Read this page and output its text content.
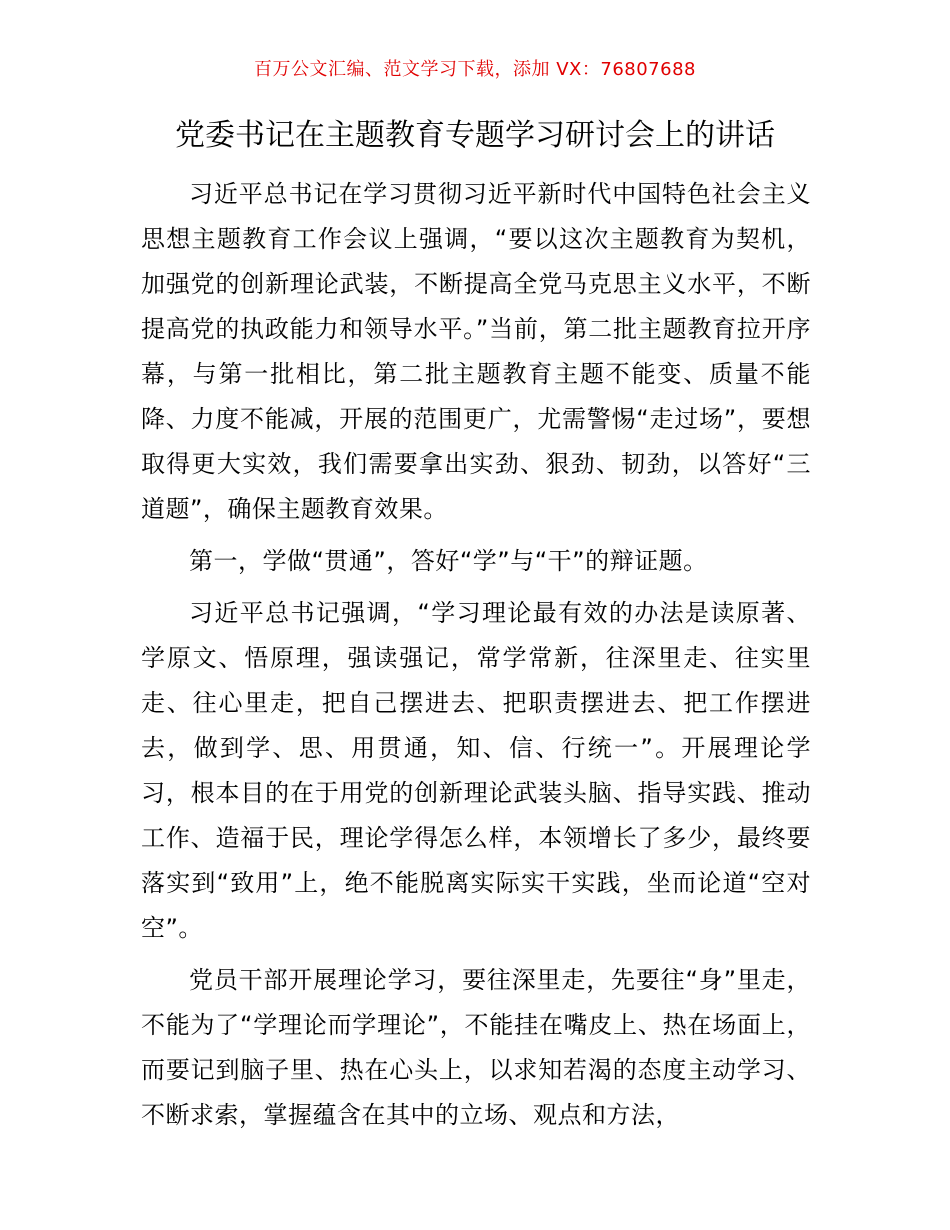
百万公文汇编、范文学习下载，添加 VX：76807688
党委书记在主题教育专题学习研讨会上的讲话

习近平总书记在学习贯彻习近平新时代中国特色社会主义思想主题教育工作会议上强调，“要以这次主题教育为契机，加强党的创新理论武装，不断提高全党马克思主义水平，不断提高党的执政能力和领导水平。”当前，第二批主题教育拉开序幕，与第一批相比，第二批主题教育主题不能变、质量不能降、力度不能减，开展的范围更广，尤需警惕“走过场”，要想取得更大实效，我们需要拿出实劲、狠劲、韧劲，以答好“三道题”，确保主题教育效果。

第一，学做“贯通”，答好“学”与“干”的辩证题。

习近平总书记强调，“学习理论最有效的办法是读原著、学原文、悟原理，强读强记，常学常新，往深里走、往实里走、往心里走，把自己摆进去、把职责摆进去、把工作摆进去，做到学、思、用贯通，知、信、行统一”。开展理论学习，根本目的在于用党的创新理论武装头脑、指导实践、推动工作、造福于民，理论学得怎么样，本领增长了多少，最终要落实到“致用”上，绝不能脱离实际实干实践，坐而论道“空对空”。

党员干部开展理论学习，要往深里走，先要往“身”里走，不能为了“学理论而学理论”，不能挂在嘴皮上、热在场面上，而要记到脑子里、热在心头上，以求知若渴的态度主动学习、不断求索，掌握蕴含在其中的立场、观点和方法，
